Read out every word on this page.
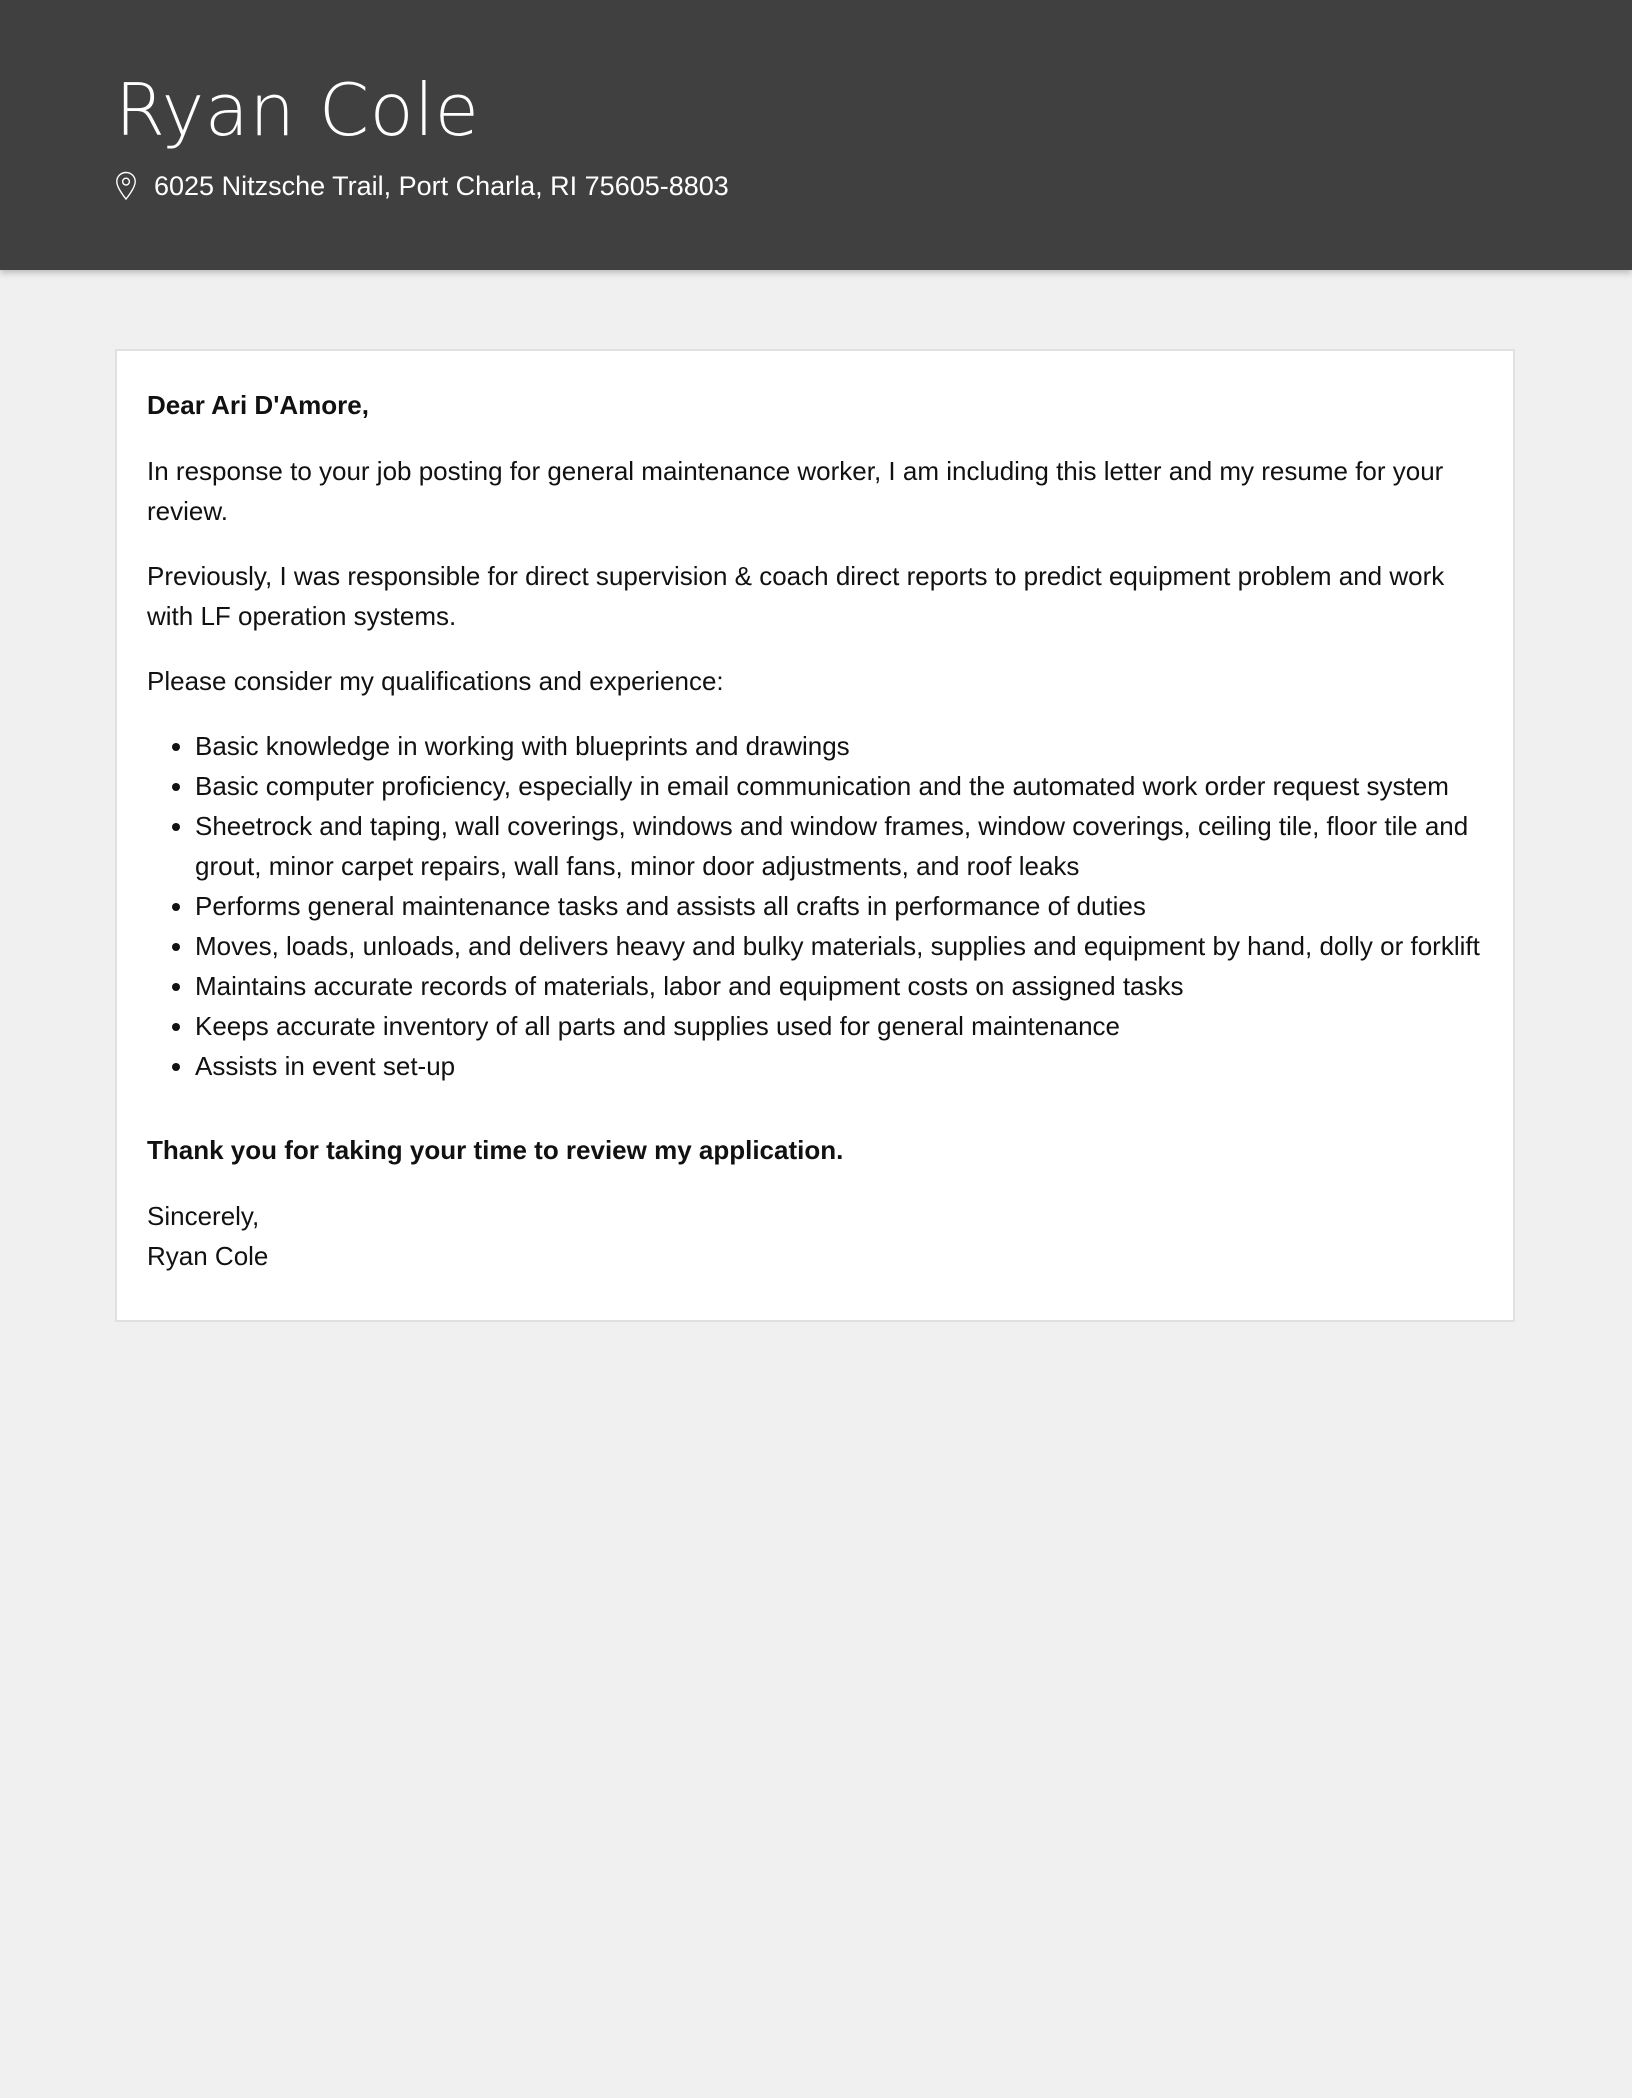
Ryan Cole
6025 Nitzsche Trail, Port Charla, RI 75605-8803

Dear Ari D'Amore,

In response to your job posting for general maintenance worker, I am including this letter and my resume for your review.

Previously, I was responsible for direct supervision & coach direct reports to predict equipment problem and work with LF operation systems.

Please consider my qualifications and experience:

• Basic knowledge in working with blueprints and drawings
• Basic computer proficiency, especially in email communication and the automated work order request system
• Sheetrock and taping, wall coverings, windows and window frames, window coverings, ceiling tile, floor tile and grout, minor carpet repairs, wall fans, minor door adjustments, and roof leaks
• Performs general maintenance tasks and assists all crafts in performance of duties
• Moves, loads, unloads, and delivers heavy and bulky materials, supplies and equipment by hand, dolly or forklift
• Maintains accurate records of materials, labor and equipment costs on assigned tasks
• Keeps accurate inventory of all parts and supplies used for general maintenance
• Assists in event set-up

Thank you for taking your time to review my application.

Sincerely,

Ryan Cole
